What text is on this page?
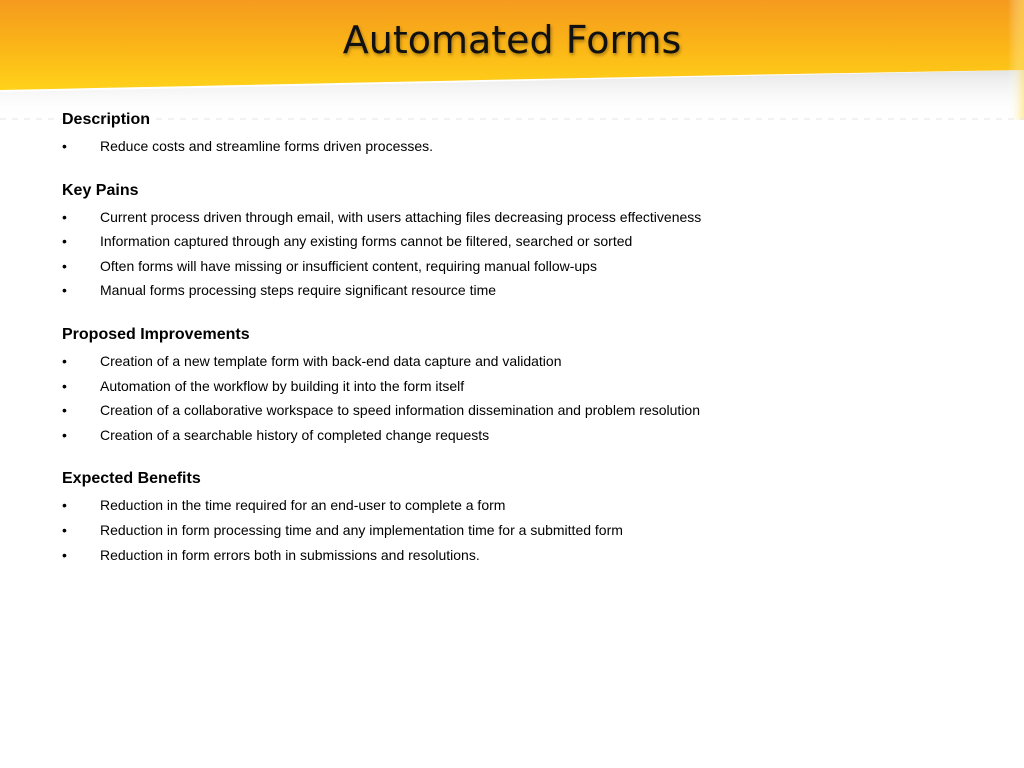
Automated Forms
Description
•	Reduce costs and streamline forms driven processes.
Key Pains
•	Current process driven through email, with users attaching files decreasing process effectiveness
•	Information captured through any existing forms cannot be filtered, searched or sorted
•	Often forms will have missing or insufficient content, requiring manual follow-ups
•	Manual forms processing steps require significant resource time
Proposed Improvements
•	Creation of a new template form with back-end data capture and validation
•	Automation of the workflow by building it into the form itself
•	Creation of a collaborative workspace to speed information dissemination and problem resolution
•	Creation of a searchable history of completed change requests
Expected Benefits
•	Reduction in the time required for an end-user to complete a form
•	Reduction in form processing time and any implementation time for a submitted form
•	Reduction in form errors both in submissions and resolutions.
